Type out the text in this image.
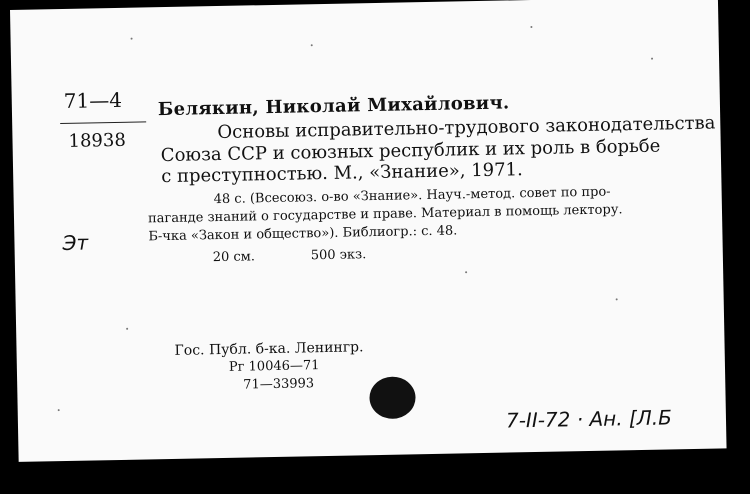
71—4
18938
Эт
Белякин, Николай Михайлович.
Основы исправительно-трудового законодательства
Союза ССР и союзных республик и их роль в борьбе
с преступностью. М., «Знание», 1971.
48 с. (Всесоюз. о-во «Знание». Науч.-метод. совет по про-
паганде знаний о государстве и праве. Материал в помощь лектору.
Б-чка «Закон и общество»). Библиогр.: с. 48.
20 см.	500 экз.
Гос. Публ. б-ка. Ленингр.
Рг 10046—71
71—33993
7-II-72 · Ан. [Л.Б
